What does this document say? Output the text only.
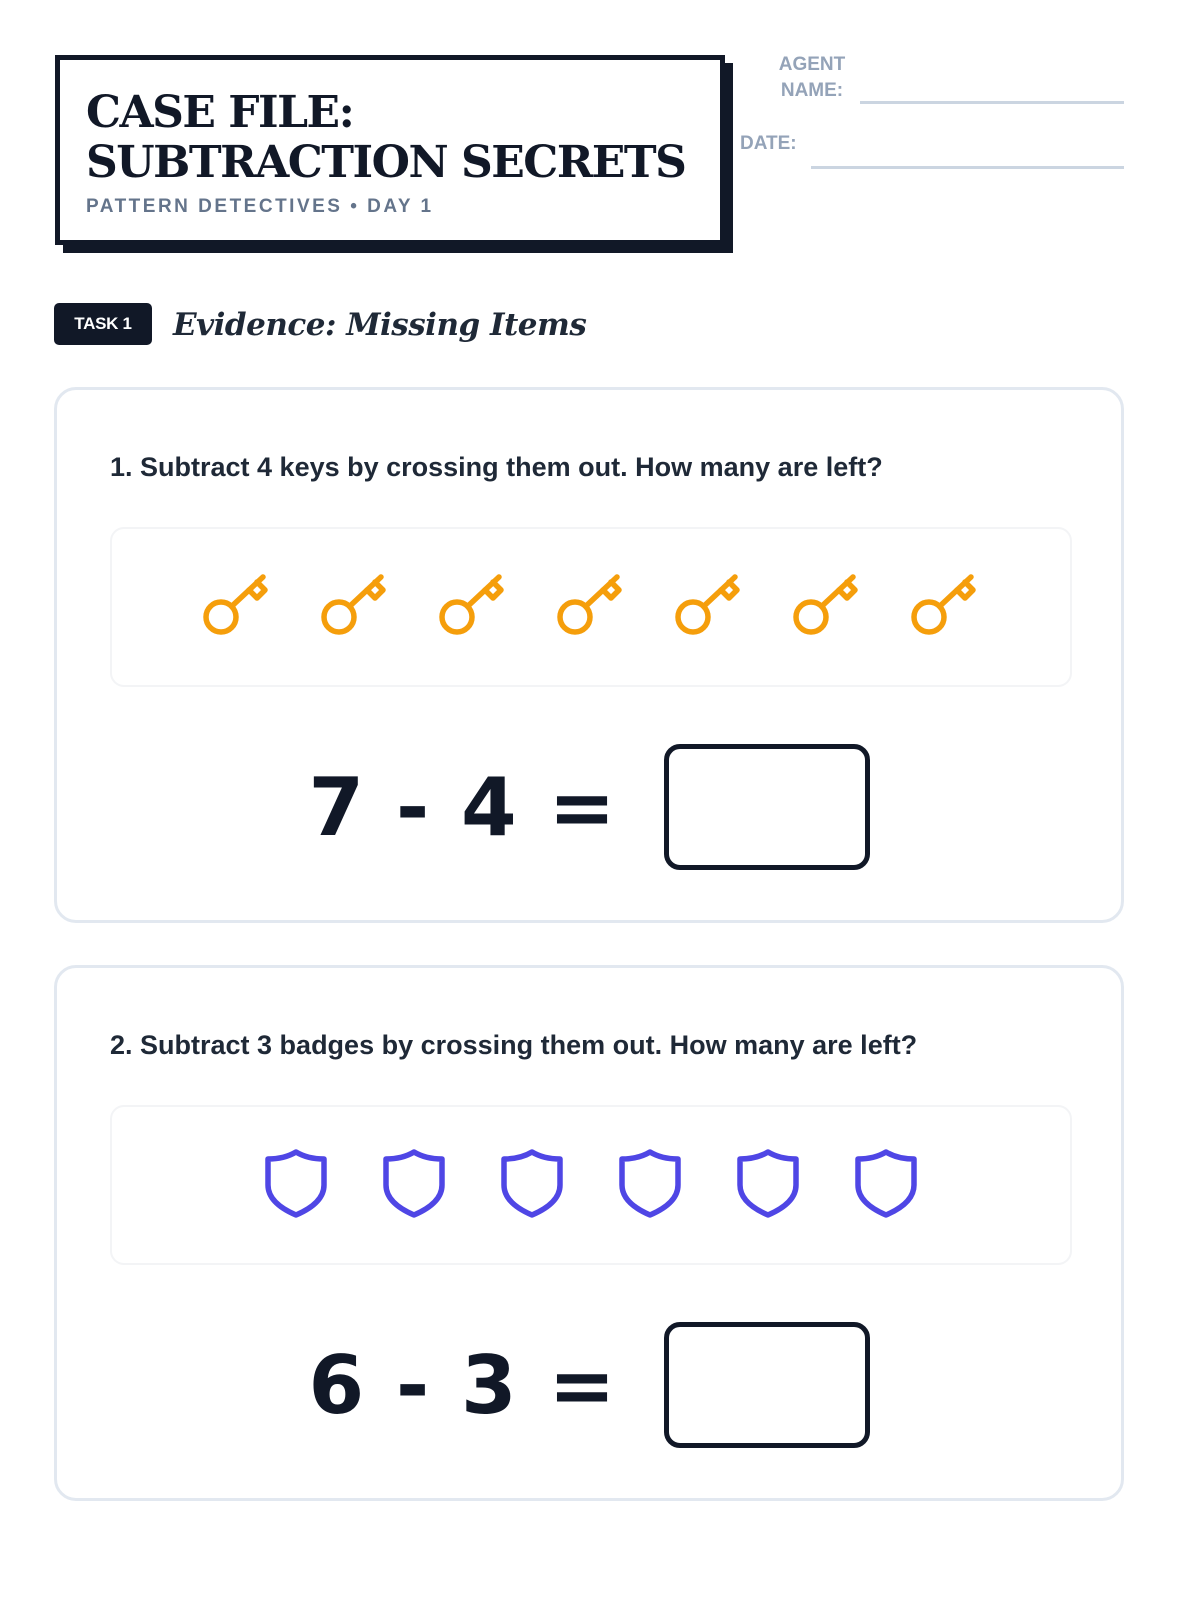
CASE FILE: SUBTRACTION SECRETS
PATTERN DETECTIVES • DAY 1
AGENT
NAME:
DATE:
TASK 1	Evidence: Missing Items
1. Subtract 4 keys by crossing them out. How many are left?
7 - 4 =
2. Subtract 3 badges by crossing them out. How many are left?
6 - 3 =
